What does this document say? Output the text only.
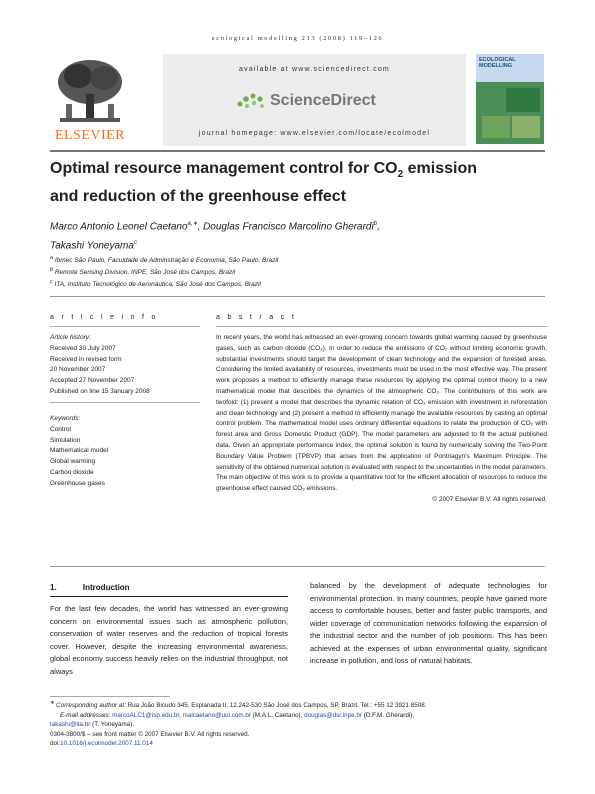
ecological modelling 213 (2008) 119–126
ELSEVIER
available at www.sciencedirect.com
ScienceDirect
journal homepage: www.elsevier.com/locate/ecolmodel
ECOLOGICAL MODELLING
Optimal resource management control for $CO_2$ emission
and reduction of the greenhouse effect
Marco Antonio Leonel Caetano$^{a,∗}$, Douglas Francisco Marcolino Gherardi$^b$,
Takashi Yoneyama$^c$
$^a$ Ibmec São Paulo, Faculdade de Adminstração e Economia, São Paulo, Brazil
$^b$ Remote Sensing Division, INPE, São José dos Campos, Brazil
$^c$ ITA, Instituto Tecnológico de Aeronáutica, São José dos Campos, Brazil
a r t i c l e i n f o	a b s t r a c t
Article history:
Received 30 July 2007
Received in revised form
20 November 2007
Accepted 27 November 2007
Published on line 15 January 2008
Keywords:
Control
Simulation
Mathematical model
Global warming
Carbon dioxide
Greenhouse gases
In recent years, the world has witnessed an ever-growing concern towards global warming caused by greenhouse gases, such as carbon dioxide (CO₂). In order to reduce the emissions of CO₂ without limiting economic growth, substantial investments should target the development of clean technology and the expansion of forested areas. Considering the limited availability of resources, investments must be used in the most effective way. The present work proposes a method to efficiently manage these resources by applying the optimal control theory to a new mathematical model that describes the dynamics of the atmospheric CO₂. The contributions of this work are twofold: (1) present a model that describes the dynamic relation of CO₂ emission with investment in reforestation and clean technology and (2) present a method to efficiently manage the available resources by casting an optimal control problem. The mathematical model uses ordinary differential equations to relate the production of CO₂ with forest area and Gross Domestic Product (GDP). The model parameters are adjusted to fit the actual published data. Given an appropriate performance index, the optimal solution is found by numerically solving the Two-Point Boundary Value Problem (TPBVP) that arises from the application of Pontriagyn's Maximum Principle. The sensitivity of the obtained numerical solution is evaluated with respect to the uncertainties in the model parameters. The main objective of this work is to provide a quantitative tool for the efficient allocation of resources to reduce the greenhouse effect caused CO₂ emissions.
© 2007 Elsevier B.V. All rights reserved.
1.	Introduction
For the last few decades, the world has witnessed an ever-growing concern on environmental issues such as atmospheric pollution, conservation of water reserves and the reduction of tropical forests cover. However, despite the increasing environmental awareness, global economy success heavily relies on the industrial throughput, not always
balanced by the development of adequate technologies for environmental protection. In many countries, people have gained more access to comfortable houses, better and faster public transports, and wider coverage of communication networks following the expansion of the industrial sector and the number of job positions. This has been achieved at the expenses of urban environmental quality, significant increase in pollution, and loss of natural habitats.
∗ Corresponding author at: Rua João Bicudo 345, Esplanada II, 12.242-530 São José dos Campos, SP, Brazil. Tel.: +55 12 3921 8508.
E-mail addresses: marcoALC1@isp.edu.br, malcaetano@uol.com.br (M.A.L. Caetano), douglas@dsr.inpe.br (D.F.M. Gherardi),
takashi@ita.br (T. Yoneyama).
0304-3800/$ – see front matter © 2007 Elsevier B.V. All rights reserved.
doi:10.1016/j.ecolmodel.2007.11.014
